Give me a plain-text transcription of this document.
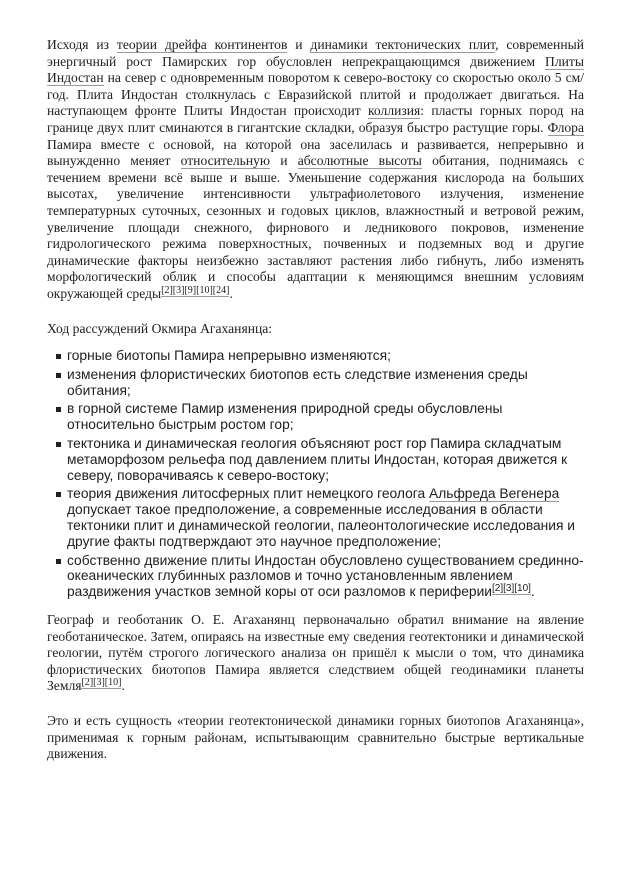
Исходя из теории дрейфа континентов и динамики тектонических плит, современный энергичный рост Памирских гор обусловлен непрекращающимся движением Плиты Индостан на север с одновременным поворотом к северо-востоку со скоростью около 5 см/год. Плита Индостан столкнулась с Евразийской плитой и продолжает двигаться. На наступающем фронте Плиты Индостан происходит коллизия: пласты горных пород на границе двух плит сминаются в гигантские складки, образуя быстро растущие горы. Флора Памира вместе с основой, на которой она заселилась и развивается, непрерывно и вынужденно меняет относительную и абсолютные высоты обитания, поднимаясь с течением времени всё выше и выше. Уменьшение содержания кислорода на больших высотах, увеличение интенсивности ультрафиолетового излучения, изменение температурных суточных, сезонных и годовых циклов, влажностный и ветровой режим, увеличение площади снежного, фирнового и ледникового покровов, изменение гидрологического режима поверхностных, почвенных и подземных вод и другие динамические факторы неизбежно заставляют растения либо гибнуть, либо изменять морфологический облик и способы адаптации к меняющимся внешним условиям окружающей среды[2][3][9][10][24].

Ход рассуждений Окмира Агаханянца:

горные биотопы Памира непрерывно изменяются;
изменения флористических биотопов есть следствие изменения среды обитания;
в горной системе Памир изменения природной среды обусловлены относительно быстрым ростом гор;
тектоника и динамическая геология объясняют рост гор Памира складчатым метаморфозом рельефа под давлением плиты Индостан, которая движется к северу, поворачиваясь к северо-востоку;
теория движения литосферных плит немецкого геолога Альфреда Вегенера допускает такое предположение, а современные исследования в области тектоники плит и динамической геологии, палеонтологические исследования и другие факты подтверждают это научное предположение;
собственно движение плиты Индостан обусловлено существованием срединно-океанических глубинных разломов и точно установленным явлением раздвижения участков земной коры от оси разломов к периферии[2][3][10].

Географ и геоботаник О. Е. Агаханянц первоначально обратил внимание на явление геоботаническое. Затем, опираясь на известные ему сведения геотектоники и динамической геологии, путём строгого логического анализа он пришёл к мысли о том, что динамика флористических биотопов Памира является следствием общей геодинамики планеты Земля[2][3][10].

Это и есть сущность «теории геотектонической динамики горных биотопов Агаханянца», применимая к горным районам, испытывающим сравнительно быстрые вертикальные движения.
